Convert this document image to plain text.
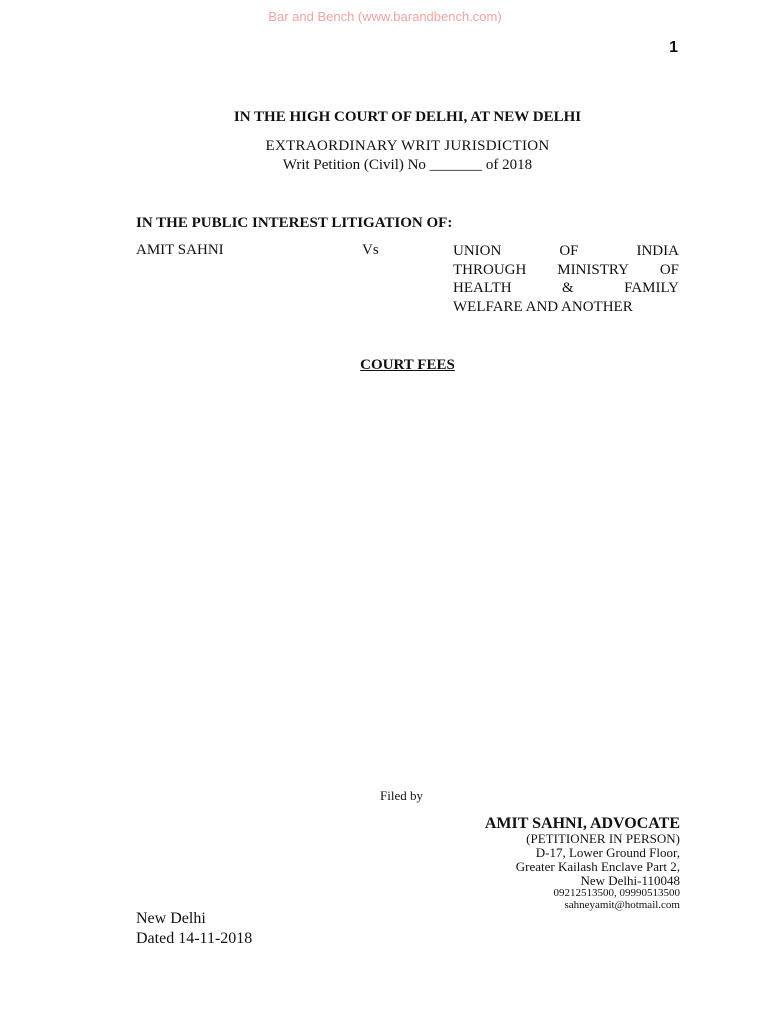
Bar and Bench (www.barandbench.com)
1
IN THE HIGH COURT OF DELHI, AT NEW DELHI
EXTRAORDINARY WRIT JURISDICTION
Writ Petition (Civil) No _______ of 2018
IN THE PUBLIC INTEREST LITIGATION OF:
AMIT SAHNI	Vs	UNION	OF	INDIA
THROUGH MINISTRY OF
HEALTH	&	FAMILY
WELFARE AND ANOTHER
COURT FEES
Filed by
AMIT SAHNI, ADVOCATE
(PETITIONER IN PERSON)
D-17, Lower Ground Floor,
Greater Kailash Enclave Part 2,
New Delhi-110048
09212513500, 09990513500
sahneyamit@hotmail.com
New Delhi
Dated 14-11-2018
